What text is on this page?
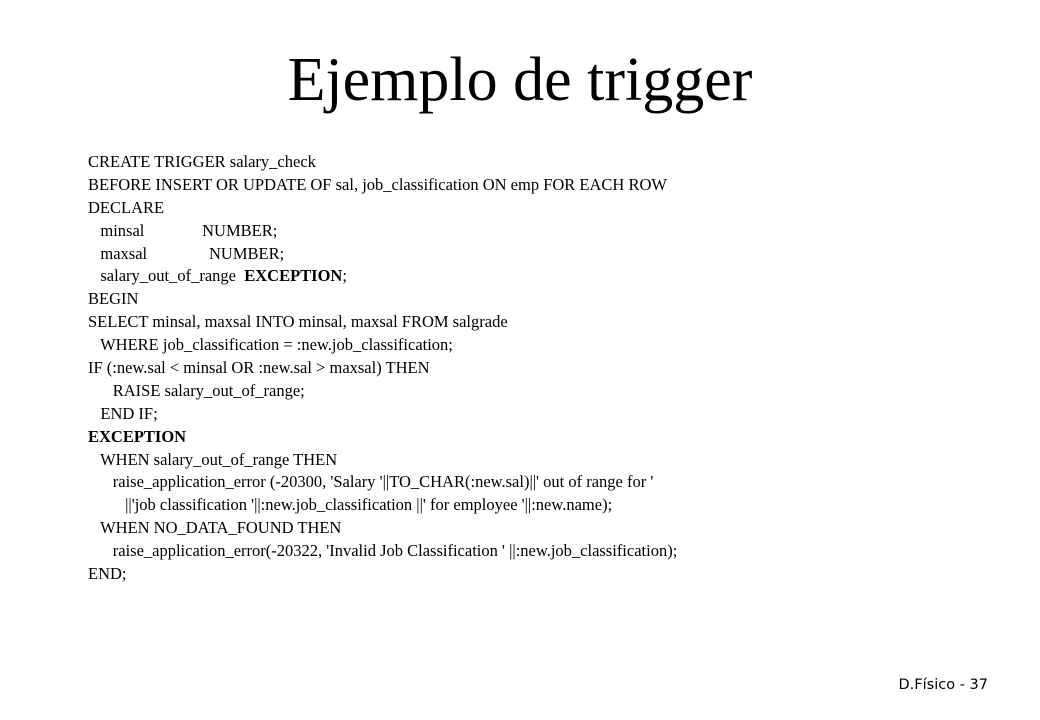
Ejemplo de trigger
CREATE TRIGGER salary_check
BEFORE INSERT OR UPDATE OF sal, job_classification ON emp FOR EACH ROW
DECLARE
minsal              NUMBER;
maxsal               NUMBER;
salary_out_of_range  EXCEPTION;
BEGIN
SELECT minsal, maxsal INTO minsal, maxsal FROM salgrade
WHERE job_classification = :new.job_classification;
IF (:new.sal < minsal OR :new.sal > maxsal) THEN
RAISE salary_out_of_range;
END IF;
EXCEPTION
WHEN salary_out_of_range THEN
raise_application_error (-20300, 'Salary '||TO_CHAR(:new.sal)||' out of range for '
||'job classification '||:new.job_classification ||' for employee '||:new.name);
WHEN NO_DATA_FOUND THEN
raise_application_error(-20322, 'Invalid Job Classification ' ||:new.job_classification);
END;
D.Físico - 37
